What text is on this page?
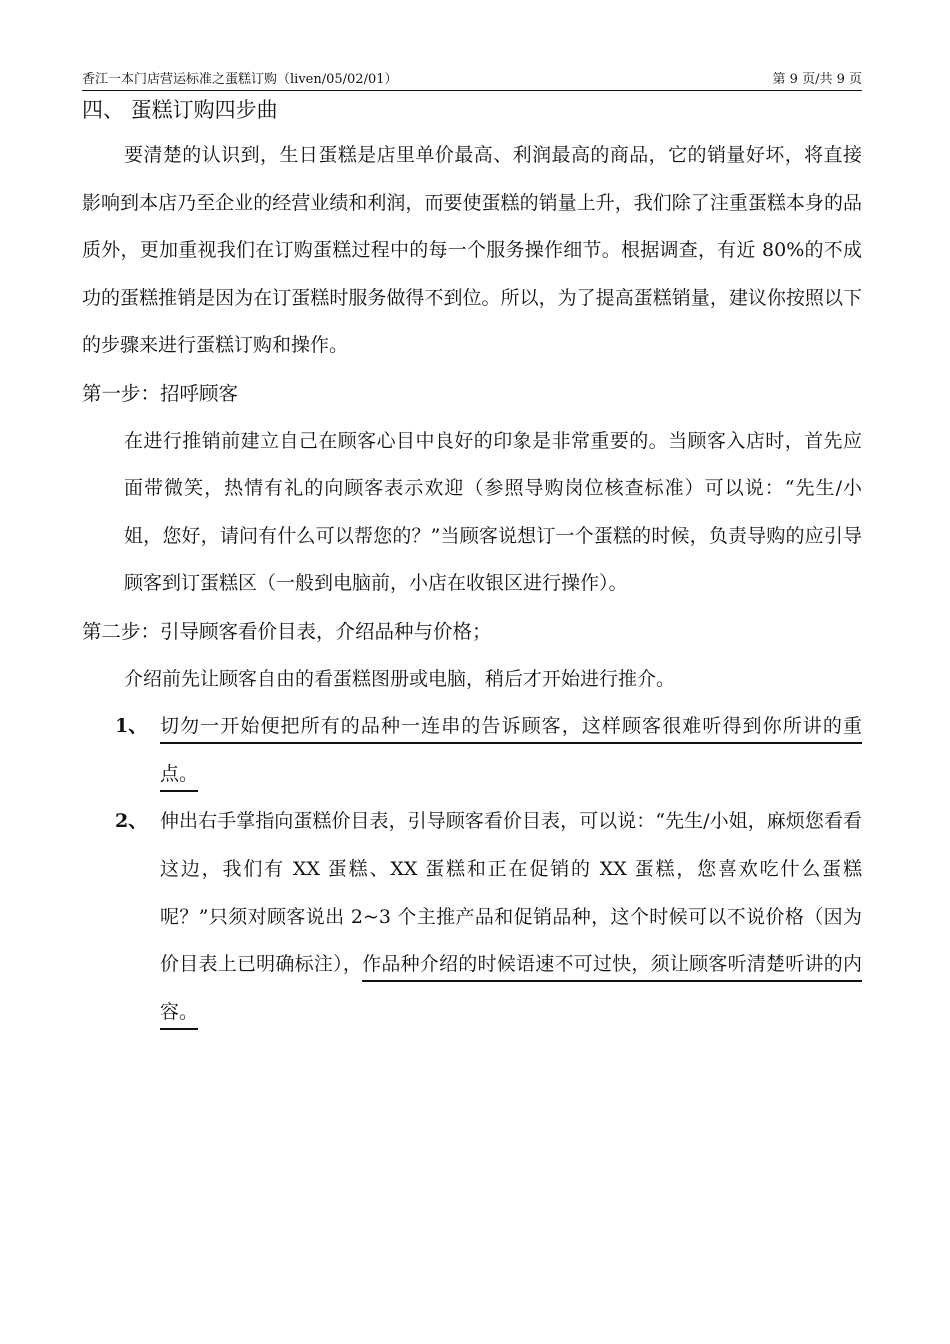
香江一本门店营运标准之蛋糕订购（liven/05/02/01）	第 9 页/共 9 页
四、 蛋糕订购四步曲

要清楚的认识到，生日蛋糕是店里单价最高、利润最高的商品，它的销量好坏，将直接影响到本店乃至企业的经营业绩和利润，而要使蛋糕的销量上升，我们除了注重蛋糕本身的品质外，更加重视我们在订购蛋糕过程中的每一个服务操作细节。根据调查，有近 80%的不成功的蛋糕推销是因为在订蛋糕时服务做得不到位。所以，为了提高蛋糕销量，建议你按照以下的步骤来进行蛋糕订购和操作。

第一步：招呼顾客

在进行推销前建立自己在顾客心目中良好的印象是非常重要的。当顾客入店时，首先应面带微笑，热情有礼的向顾客表示欢迎（参照导购岗位核查标准）可以说：“先生/小姐，您好，请问有什么可以帮您的？”当顾客说想订一个蛋糕的时候，负责导购的应引导顾客到订蛋糕区（一般到电脑前，小店在收银区进行操作）。

第二步：引导顾客看价目表，介绍品种与价格；

介绍前先让顾客自由的看蛋糕图册或电脑，稍后才开始进行推介。

1、 切勿一开始便把所有的品种一连串的告诉顾客，这样顾客很难听得到你所讲的重点。
2、 伸出右手掌指向蛋糕价目表，引导顾客看价目表，可以说：“先生/小姐，麻烦您看看这边，我们有 XX 蛋糕、XX 蛋糕和正在促销的 XX 蛋糕，您喜欢吃什么蛋糕呢？”只须对顾客说出 2~3 个主推产品和促销品种，这个时候可以不说价格（因为价目表上已明确标注），作品种介绍的时候语速不可过快，须让顾客听清楚听讲的内容。
